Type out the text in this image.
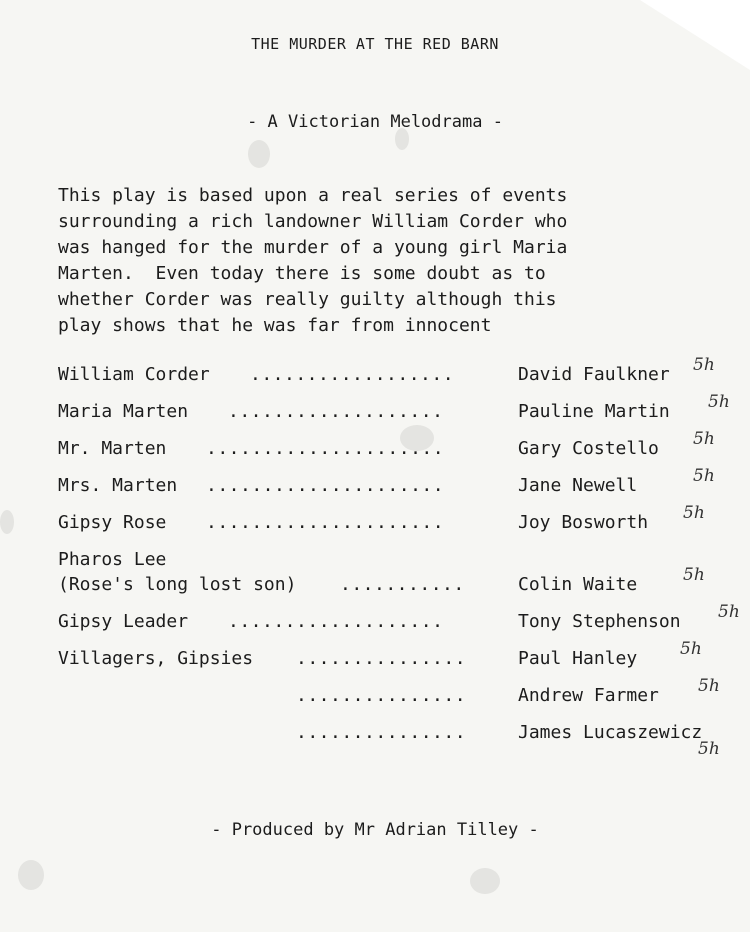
THE MURDER AT THE RED BARN
- A Victorian Melodrama -
This play is based upon a real series of events
surrounding a rich landowner William Corder who
was hanged for the murder of a young girl Maria
Marten.  Even today there is some doubt as to
whether Corder was really guilty although this
play shows that he was far from innocent
William Corder ..................	David Faulkner 5h
Maria Marten ...................	Pauline Martin 5h
Mr. Marten .....................	Gary Costello 5h
Mrs. Marten .....................	Jane Newell	5h
Gipsy Rose .....................	Joy Bosworth 5h
Pharos Lee
(Rose's long lost son) ...........	Colin Waite	5h
Gipsy Leader ...................	Tony Stephenson 5h
Villagers, Gipsies ...............	Paul Hanley	5h
...............	Andrew Farmer 5h
...............	James Lucaszewicz
5h
- Produced by Mr Adrian Tilley -
